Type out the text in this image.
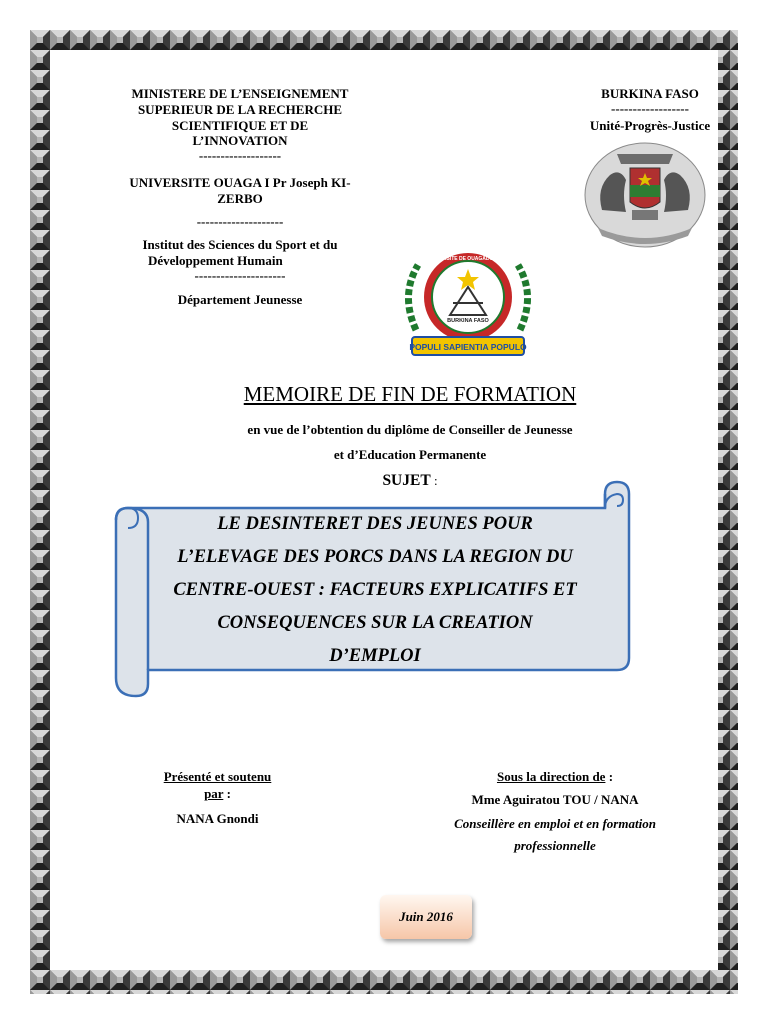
MINISTERE DE L’ENSEIGNEMENT

SUPERIEUR DE LA RECHERCHE

SCIENTIFIQUE ET DE

L’INNOVATION

-------------------

UNIVERSITE OUAGA I Pr Joseph KI-

ZERBO

--------------------

Institut des Sciences du Sport et du

Développement Humain

---------------------

Département Jeunesse

BURKINA FASO

------------------

Unité-Progrès-Justice

POPULI SAPIENTIA POPULO
BURKINA FASO
UNIVERSITE DE OUAGADOUGOU
MEMOIRE DE FIN DE FORMATION

en vue de l’obtention du diplôme de Conseiller de Jeunesse

et d’Education Permanente

SUJET :

LE DESINTERET DES JEUNES POUR
L’ELEVAGE DES PORCS DANS LA REGION DU
CENTRE-OUEST : FACTEURS EXPLICATIFS ET
CONSEQUENCES SUR LA CREATION
D’EMPLOI

Présenté et soutenu

par :

NANA Gnondi

Sous la direction de :

Mme Aguiratou TOU / NANA

Conseillère en emploi et en formation

professionnelle

Juin 2016
